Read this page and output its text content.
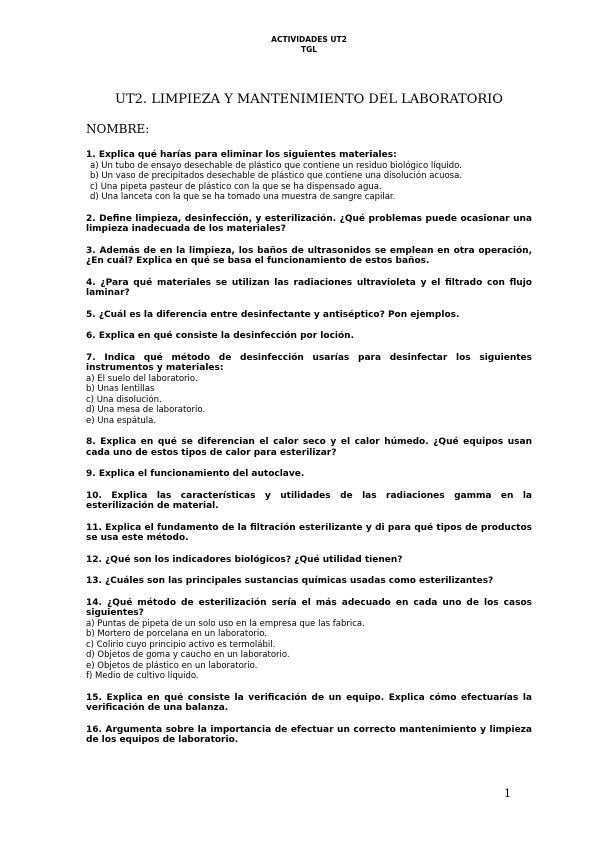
ACTIVIDADES UT2
TGL
UT2. LIMPIEZA Y MANTENIMIENTO DEL LABORATORIO
NOMBRE:
1. Explica qué harías para eliminar los siguientes materiales:
a) Un tubo de ensayo desechable de plástico que contiene un residuo biológico líquido.
b) Un vaso de precipitados desechable de plástico que contiene una disolución acuosa.
c) Una pipeta pasteur de plástico con la que se ha dispensado agua.
d) Una lanceta con la que se ha tomado una muestra de sangre capilar.
2. Define limpieza, desinfección, y esterilización. ¿Qué problemas puede ocasionar una limpieza inadecuada de los materiales?
3. Además de en la limpieza, los baños de ultrasonidos se emplean en otra operación, ¿En cuál? Explica en qué se basa el funcionamiento de estos baños.
4. ¿Para qué materiales se utilizan las radiaciones ultravioleta y el filtrado con flujo laminar?
5. ¿Cuál es la diferencia entre desinfectante y antiséptico? Pon ejemplos.
6. Explica en qué consiste la desinfección por loción.
7. Indica qué método de desinfección usarías para desinfectar los siguientes instrumentos y materiales:
a) El suelo del laboratorio.
b) Unas lentillas
c) Una disolución.
d) Una mesa de laboratorio.
e) Una espátula.
8. Explica en qué se diferencian el calor seco y el calor húmedo. ¿Qué equipos usan cada uno de estos tipos de calor para esterilizar?
9. Explica el funcionamiento del autoclave.
10. Explica las características y utilidades de las radiaciones gamma en la esterilización de material.
11. Explica el fundamento de la filtración esterilizante y di para qué tipos de productos se usa este método.
12. ¿Qué son los indicadores biológicos? ¿Qué utilidad tienen?
13. ¿Cuáles son las principales sustancias químicas usadas como esterilizantes?
14. ¿Qué método de esterilización sería el más adecuado en cada uno de los casos siguientes?
a) Puntas de pipeta de un solo uso en la empresa que las fabrica.
b) Mortero de porcelana en un laboratorio.
c) Colirio cuyo principio activo es termolábil.
d) Objetos de goma y caucho en un laboratorio.
e) Objetos de plástico en un laboratorio.
f) Medio de cultivo líquido.
15. Explica en qué consiste la verificación de un equipo. Explica cómo efectuarías la verificación de una balanza.
16. Argumenta sobre la importancia de efectuar un correcto mantenimiento y limpieza de los equipos de laboratorio.
1
